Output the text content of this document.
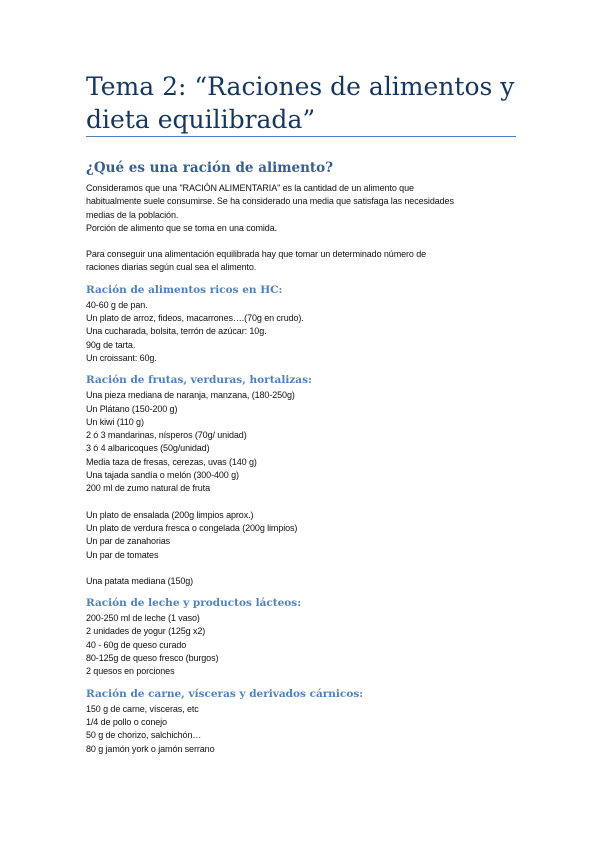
Tema 2: “Raciones de alimentos y dieta equilibrada”
¿Qué es una ración de alimento?

Consideramos que una "RACIÓN ALIMENTARIA" es la cantidad de un alimento que

habitualmente suele consumirse. Se ha considerado una media que satisfaga las necesidades

medias de la población.

Porción de alimento que se toma en una comida.

Para conseguir una alimentación equilibrada hay que tomar un determinado número de

raciones diarias según cual sea el alimento.

Ración de alimentos ricos en HC:

40-60 g de pan.

Un plato de arroz, fideos, macarrones….(70g en crudo).

Una cucharada, bolsita, terrón de azúcar: 10g.

90g de tarta.

Un croissant: 60g.

Ración de frutas, verduras, hortalizas:

Una pieza mediana de naranja, manzana, (180-250g)

Un Plátano (150-200 g)

Un kiwi (110 g)

2 ó 3 mandarinas, nísperos (70g/ unidad)

3 ó 4 albaricoques (50g/unidad)

Media taza de fresas, cerezas, uvas (140 g)

Una tajada sandía o melón (300-400 g)

200 ml de zumo natural de fruta

Un plato de ensalada (200g limpios aprox.)

Un plato de verdura fresca o congelada (200g limpios)

Un par de zanahorias

Un par de tomates

Una patata mediana (150g)

Ración de leche y productos lácteos:

200-250 ml de leche (1 vaso)

2 unidades de yogur (125g x2)

40 - 60g de queso curado

80-125g de queso fresco (burgos)

2 quesos en porciones

Ración de carne, vísceras y derivados cárnicos:

150 g de carne, vísceras, etc

1/4 de pollo o conejo

50 g de chorizo, salchichón…

80 g jamón york o jamón serrano
